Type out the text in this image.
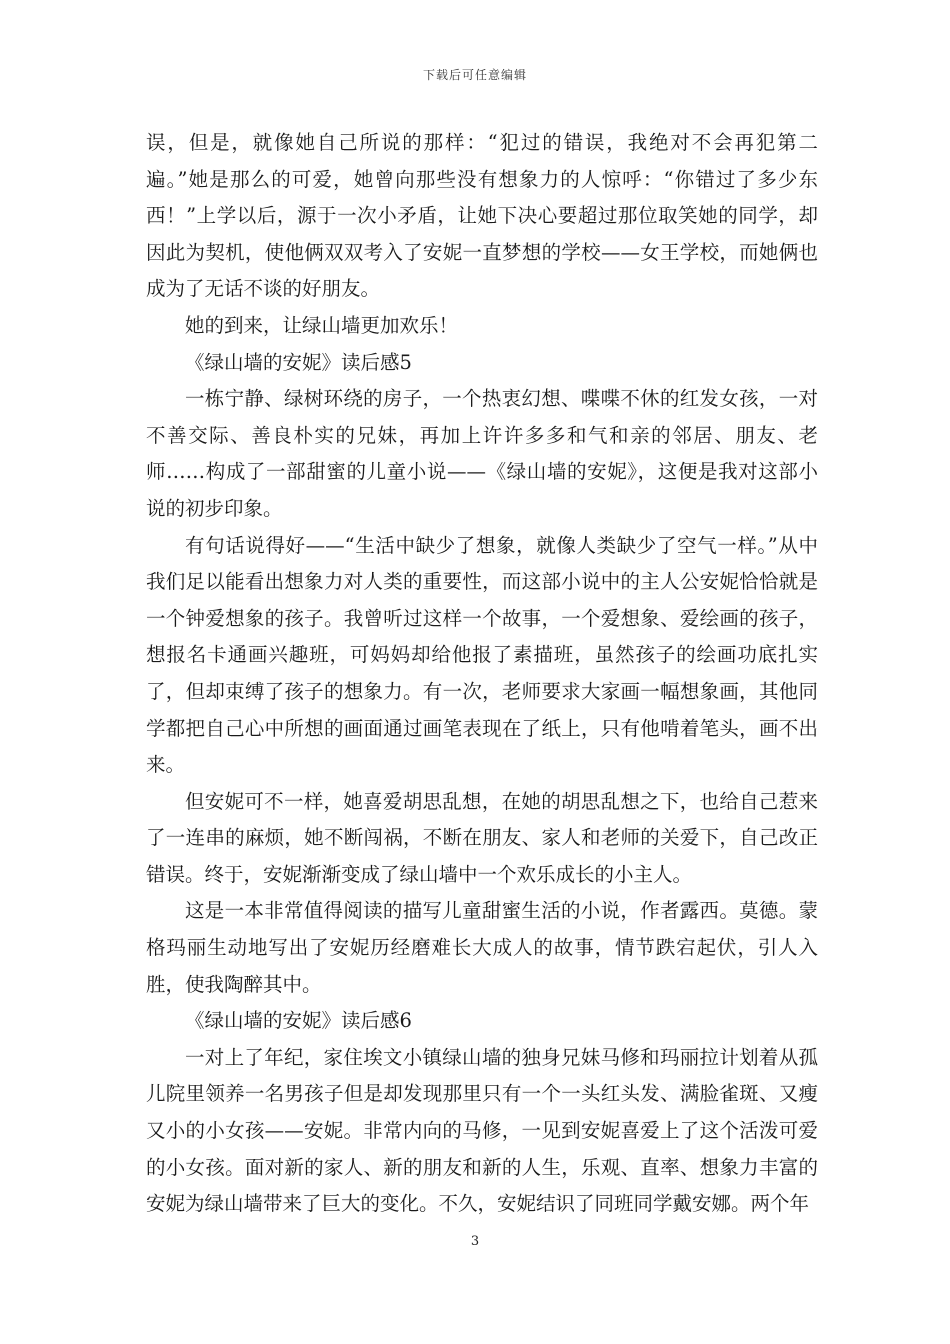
下载后可任意编辑

误，但是，就像她自己所说的那样：“犯过的错误，我绝对不会再犯第二遍。”她是那么的可爱，她曾向那些没有想象力的人惊呼：“你错过了多少东西！”上学以后，源于一次小矛盾，让她下决心要超过那位取笑她的同学，却因此为契机，使他俩双双考入了安妮一直梦想的学校——女王学校，而她俩也成为了无话不谈的好朋友。

她的到来，让绿山墙更加欢乐！

《绿山墙的安妮》读后感5

一栋宁静、绿树环绕的房子，一个热衷幻想、喋喋不休的红发女孩，一对不善交际、善良朴实的兄妹，再加上许许多多和气和亲的邻居、朋友、老师……构成了一部甜蜜的儿童小说——《绿山墙的安妮》，这便是我对这部小说的初步印象。

有句话说得好——“生活中缺少了想象，就像人类缺少了空气一样。”从中我们足以能看出想象力对人类的重要性，而这部小说中的主人公安妮恰恰就是一个钟爱想象的孩子。我曾听过这样一个故事，一个爱想象、爱绘画的孩子，想报名卡通画兴趣班，可妈妈却给他报了素描班，虽然孩子的绘画功底扎实了，但却束缚了孩子的想象力。有一次，老师要求大家画一幅想象画，其他同学都把自己心中所想的画面通过画笔表现在了纸上，只有他啃着笔头，画不出来。

但安妮可不一样，她喜爱胡思乱想，在她的胡思乱想之下，也给自己惹来了一连串的麻烦，她不断闯祸，不断在朋友、家人和老师的关爱下，自己改正错误。终于，安妮渐渐变成了绿山墙中一个欢乐成长的小主人。

这是一本非常值得阅读的描写儿童甜蜜生活的小说，作者露西。莫德。蒙格玛丽生动地写出了安妮历经磨难长大成人的故事，情节跌宕起伏，引人入胜，使我陶醉其中。

《绿山墙的安妮》读后感6

一对上了年纪，家住埃文小镇绿山墙的独身兄妹马修和玛丽拉计划着从孤儿院里领养一名男孩子但是却发现那里只有一个一头红头发、满脸雀斑、又瘦又小的小女孩——安妮。非常内向的马修，一见到安妮喜爱上了这个活泼可爱的小女孩。面对新的家人、新的朋友和新的人生，乐观、直率、想象力丰富的安妮为绿山墙带来了巨大的变化。不久，安妮结识了同班同学戴安娜。两个年

3
